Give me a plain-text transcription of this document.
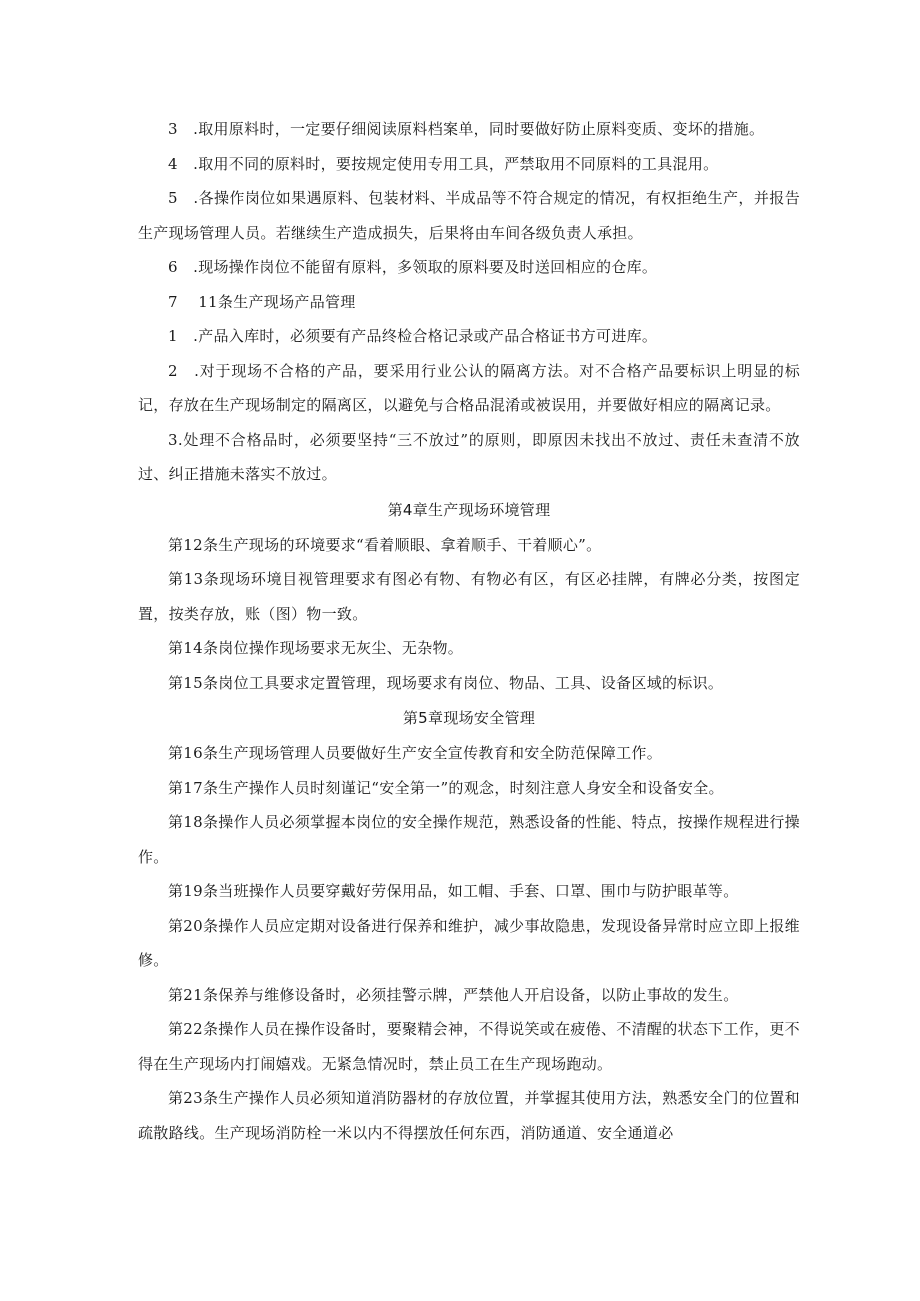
3　.取用原料时，一定要仔细阅读原料档案单，同时要做好防止原料变质、变坏的措施。

4　.取用不同的原料时，要按规定使用专用工具，严禁取用不同原料的工具混用。

5　.各操作岗位如果遇原料、包装材料、半成品等不符合规定的情况，有权拒绝生产，并报告生产现场管理人员。若继续生产造成损失，后果将由车间各级负责人承担。

6　.现场操作岗位不能留有原料，多领取的原料要及时送回相应的仓库。

7　 11条生产现场产品管理

1　.产品入库时，必须要有产品终检合格记录或产品合格证书方可进库。

2　.对于现场不合格的产品，要采用行业公认的隔离方法。对不合格产品要标识上明显的标记，存放在生产现场制定的隔离区，以避免与合格品混淆或被误用，并要做好相应的隔离记录。

3.处理不合格品时，必须要坚持“三不放过”的原则，即原因未找出不放过、责任未查清不放过、纠正措施未落实不放过。

第4章生产现场环境管理

第12条生产现场的环境要求“看着顺眼、拿着顺手、干着顺心”。

第13条现场环境目视管理要求有图必有物、有物必有区，有区必挂牌，有牌必分类，按图定置，按类存放，账（图）物一致。

第14条岗位操作现场要求无灰尘、无杂物。

第15条岗位工具要求定置管理，现场要求有岗位、物品、工具、设备区域的标识。

第5章现场安全管理

第16条生产现场管理人员要做好生产安全宣传教育和安全防范保障工作。

第17条生产操作人员时刻谨记“安全第一”的观念，时刻注意人身安全和设备安全。

第18条操作人员必须掌握本岗位的安全操作规范，熟悉设备的性能、特点，按操作规程进行操作。

第19条当班操作人员要穿戴好劳保用品，如工帽、手套、口罩、围巾与防护眼革等。

第20条操作人员应定期对设备进行保养和维护，减少事故隐患，发现设备异常时应立即上报维修。

第21条保养与维修设备时，必须挂警示牌，严禁他人开启设备，以防止事故的发生。

第22条操作人员在操作设备时，要聚精会神，不得说笑或在疲倦、不清醒的状态下工作，更不得在生产现场内打闹嬉戏。无紧急情况时，禁止员工在生产现场跑动。

第23条生产操作人员必须知道消防器材的存放位置，并掌握其使用方法，熟悉安全门的位置和疏散路线。生产现场消防栓一米以内不得摆放任何东西，消防通道、安全通道必
